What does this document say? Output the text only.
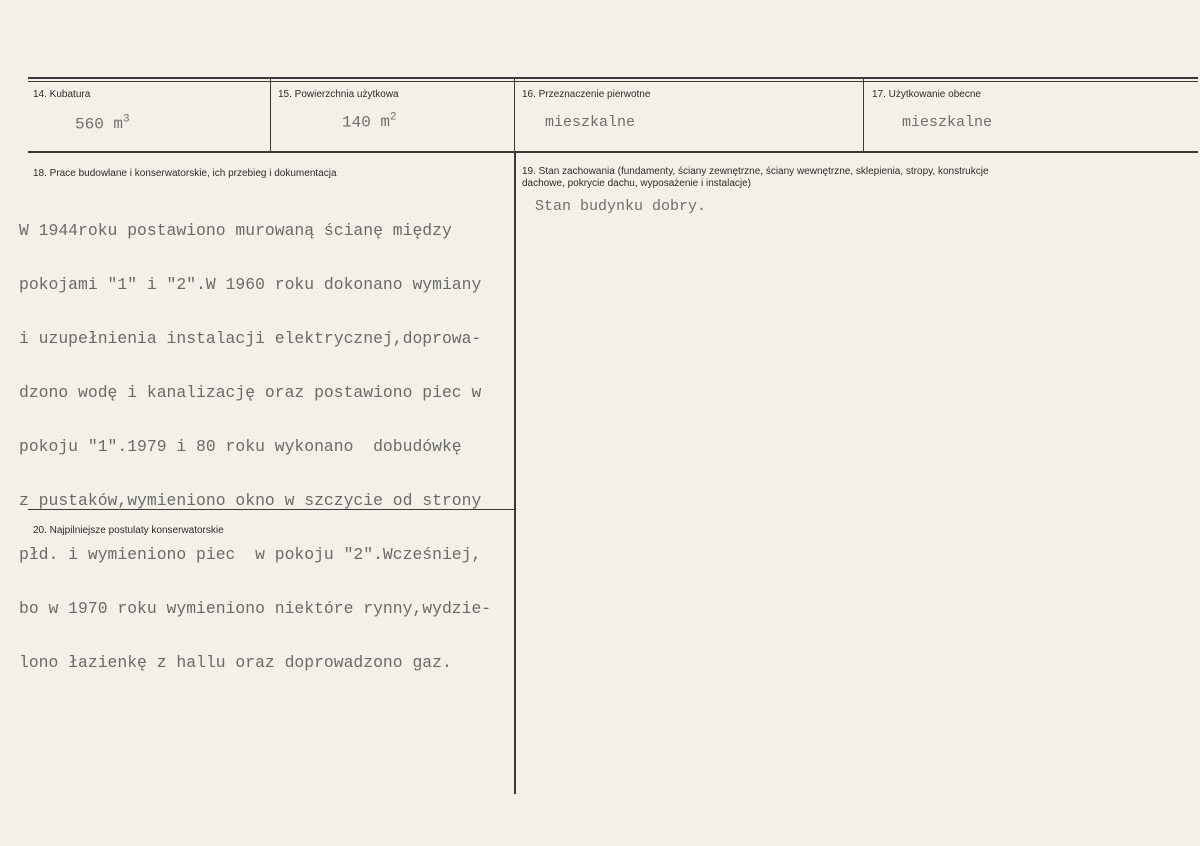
14. Kubatura
560 $m^3$
15. Powierzchnia użytkowa
140 $m^2$
16. Przeznaczenie pierwotne
mieszkalne
17. Użytkowanie obecne
mieszkalne
18. Prace budowlane i konserwatorskie, ich przebieg i dokumentacja

W 1944roku postawiono murowaną ścianę między

pokojami "1" i "2".W 1960 roku dokonano wymiany

i uzupełnienia instalacji elektrycznej,doprowa-

dzono wodę i kanalizację oraz postawiono piec w

pokoju "1".1979 i 80 roku wykonano  dobudówkę

z pustaków,wymieniono okno w szczycie od strony

płd. i wymieniono piec  w pokoju "2".Wcześniej,

bo w 1970 roku wymieniono niektóre rynny,wydzie-

lono łazienkę z hallu oraz doprowadzono gaz.

19. Stan zachowania (fundamenty, ściany zewnętrzne, ściany wewnętrzne, sklepienia, stropy, konstrukcje dachowe, pokrycie dachu, wyposażenie i instalacje)
Stan budynku dobry.
20. Najpilniejsze postulaty konserwatorskie
